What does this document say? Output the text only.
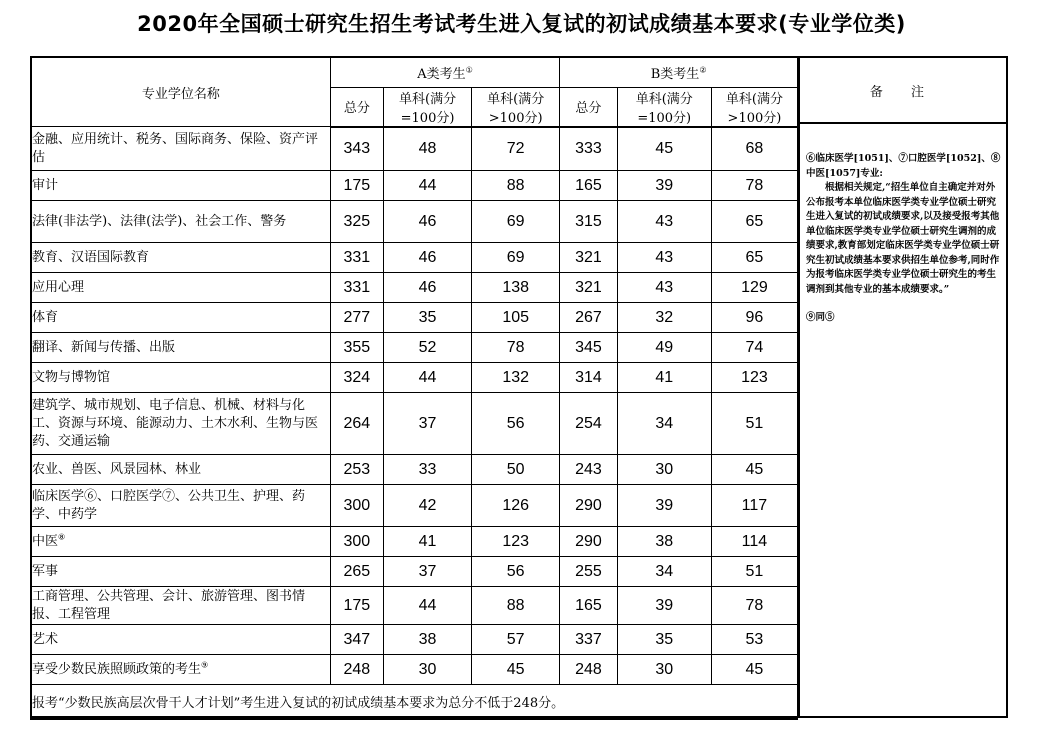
2020年全国硕士研究生招生考试考生进入复试的初试成绩基本要求(专业学位类)
专业学位名称	A类考生①			B类考生②
	总分	单科(满分=100分)	单科(满分>100分)	总分	单科(满分=100分)	单科(满分>100分)
金融、应用统计、税务、国际商务、保险、资产评估	343	48	72	333	45	68
审计	175	44	88	165	39	78
法律(非法学)、法律(法学)、社会工作、警务	325	46	69	315	43	65
教育、汉语国际教育	331	46	69	321	43	65
应用心理	331	46	138	321	43	129
体育	277	35	105	267	32	96
翻译、新闻与传播、出版	355	52	78	345	49	74
文物与博物馆	324	44	132	314	41	123
建筑学、城市规划、电子信息、机械、材料与化工、资源与环境、能源动力、土木水利、生物与医药、交通运输	264	37	56	254	34	51
农业、兽医、风景园林、林业	253	33	50	243	30	45
临床医学⑥、口腔医学⑦、公共卫生、护理、药学、中药学	300	42	126	290	39	117
中医⑧	300	41	123	290	38	114
军事	265	37	56	255	34	51
工商管理、公共管理、会计、旅游管理、图书情报、工程管理	175	44	88	165	39	78
艺术	347	38	57	337	35	53
享受少数民族照顾政策的考生⑨	248	30	45	248	30	45
报考“少数民族高层次骨干人才计划”考生进入复试的初试成绩基本要求为总分不低于248分。						
备 注
⑥临床医学[1051]、⑦口腔医学[1052]、⑧中医[1057]专业:
根据相关规定,“招生单位自主确定并对外公布报考本单位临床医学类专业学位硕士研究生进入复试的初试成绩要求,以及接受报考其他单位临床医学类专业学位硕士研究生调剂的成绩要求,教育部划定临床医学类专业学位硕士研究生初试成绩基本要求供招生单位参考,同时作为报考临床医学类专业学位硕士研究生的考生调剂到其他专业的基本成绩要求。”
⑨同⑤
